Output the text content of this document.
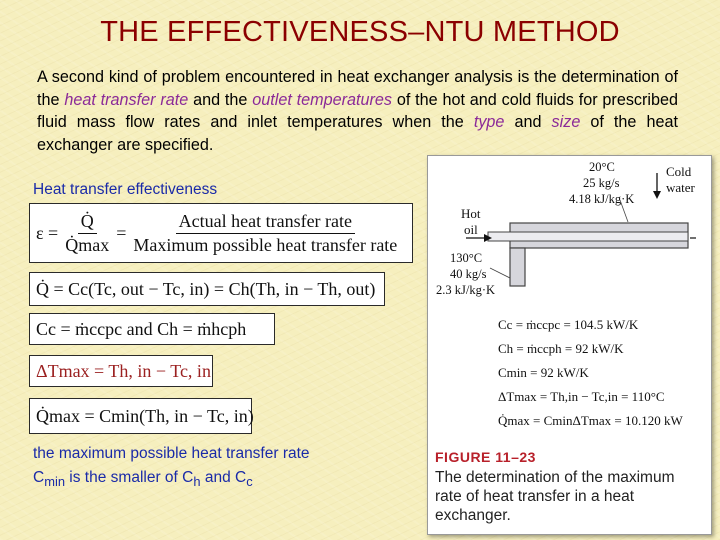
THE EFFECTIVENESS–NTU METHOD
A second kind of problem encountered in heat exchanger analysis is the determination of the heat transfer rate and the outlet temperatures of the hot and cold fluids for prescribed fluid mass flow rates and inlet temperatures when the type and size of the heat exchanger are specified.
Heat transfer effectiveness
$\varepsilon = \frac{Q̇}{Q̇\max} = \frac{\text{Actual heat transfer rate}}{\text{Maximum possible heat transfer rate}}$
Q̇ = Cc(Tc, out − Tc, in) = Ch(Th, in − Th, out)
Cc = ṁccpc and Ch = ṁhcph
ΔTmax = Th, in − Tc, in
Q̇max = Cmin(Th, in − Tc, in)
the maximum possible heat transfer rate
$C_{min}$ is the smaller of $C_h$ and $C_c$
20°C
25 kg/s
4.18 kJ/kg·K
Cold
water
Hot
oil
130°C
40 kg/s
2.3 kJ/kg·K
Cc = ṁccpc = 104.5 kW/K
Ch = ṁccph = 92 kW/K
Cmin = 92 kW/K
ΔTmax = Th,in − Tc,in = 110°C
Q̇max = CminΔTmax = 10.120 kW
FIGURE 11–23
The determination of the maximum rate of heat transfer in a heat exchanger.
